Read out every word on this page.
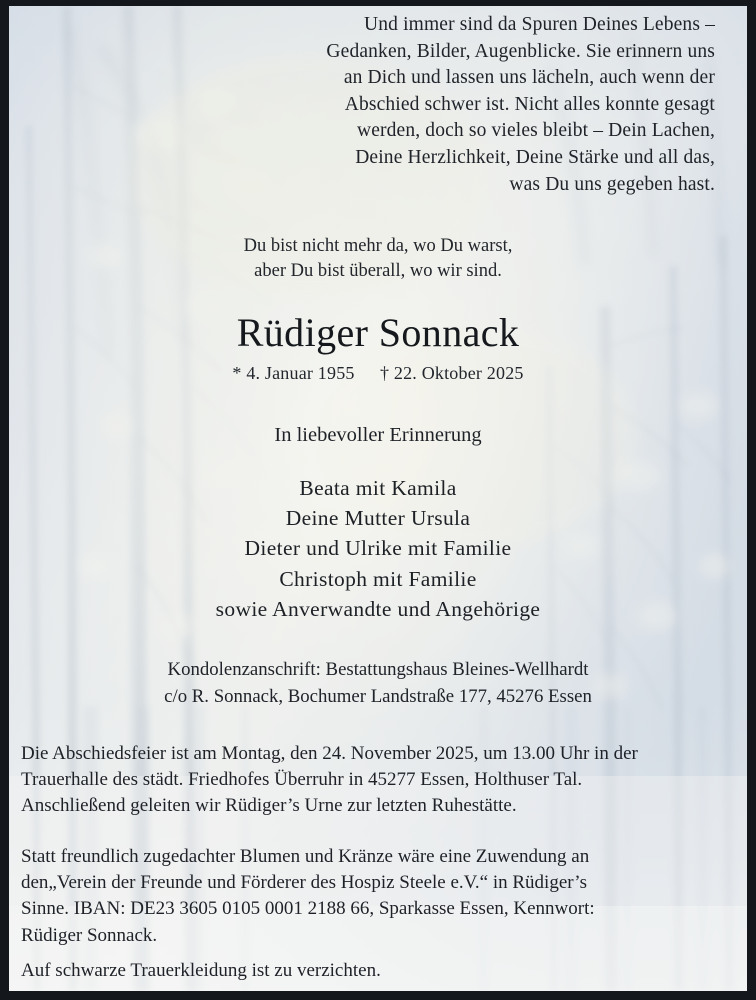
Und immer sind da Spuren Deines Lebens –
Gedanken, Bilder, Augenblicke. Sie erinnern uns
an Dich und lassen uns lächeln, auch wenn der
Abschied schwer ist. Nicht alles konnte gesagt
werden, doch so vieles bleibt – Dein Lachen,
Deine Herzlichkeit, Deine Stärke und all das,
was Du uns gegeben hast.
Du bist nicht mehr da, wo Du warst,
aber Du bist überall, wo wir sind.
Rüdiger Sonnack
* 4. Januar 1955 † 22. Oktober 2025
In liebevoller Erinnerung
Beata mit Kamila
Deine Mutter Ursula
Dieter und Ulrike mit Familie
Christoph mit Familie
sowie Anverwandte und Angehörige
Kondolenzanschrift: Bestattungshaus Bleines-Wellhardt
c/o R. Sonnack, Bochumer Landstraße 177, 45276 Essen

Die Abschiedsfeier ist am Montag, den 24. November 2025, um 13.00 Uhr in der

Trauerhalle des städt. Friedhofes Überruhr in 45277 Essen, Holthuser Tal.

Anschließend geleiten wir Rüdiger’s Urne zur letzten Ruhestätte.

Statt freundlich zugedachter Blumen und Kränze wäre eine Zuwendung an

den„Verein der Freunde und Förderer des Hospiz Steele e.V.“ in Rüdiger’s

Sinne. IBAN: DE23 3605 0105 0001 2188 66, Sparkasse Essen, Kennwort:

Rüdiger Sonnack.

Auf schwarze Trauerkleidung ist zu verzichten.
